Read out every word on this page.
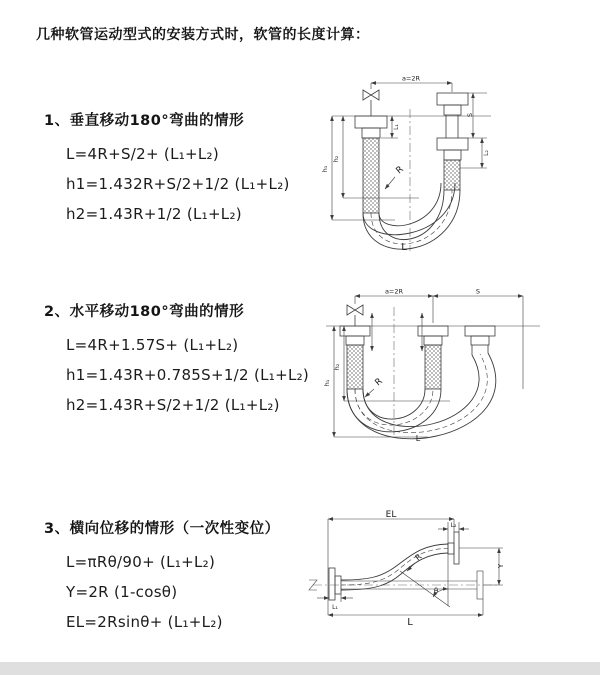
几种软管运动型式的安装方式时，软管的长度计算：
1、垂直移动180°弯曲的情形
L=4R+S/2+ (L₁+L₂)
h1=1.432R+S/2+1/2 (L₁+L₂)
h2=1.43R+1/2 (L₁+L₂)
2、水平移动180°弯曲的情形
L=4R+1.57S+ (L₁+L₂)
h1=1.43R+0.785S+1/2 (L₁+L₂)
h2=1.43R+S/2+1/2 (L₁+L₂)
3、横向位移的情形（一次性变位）
L=πRθ/90+ (L₁+L₂)
Y=2R (1-cosθ)
EL=2Rsinθ+ (L₁+L₂)
a=2R
L₁
S
L₂
h₁
h₂
R
L
a=2R	S
h₁
h₂
R
L
EL
L₂
Y
R
θ
L
L₁
